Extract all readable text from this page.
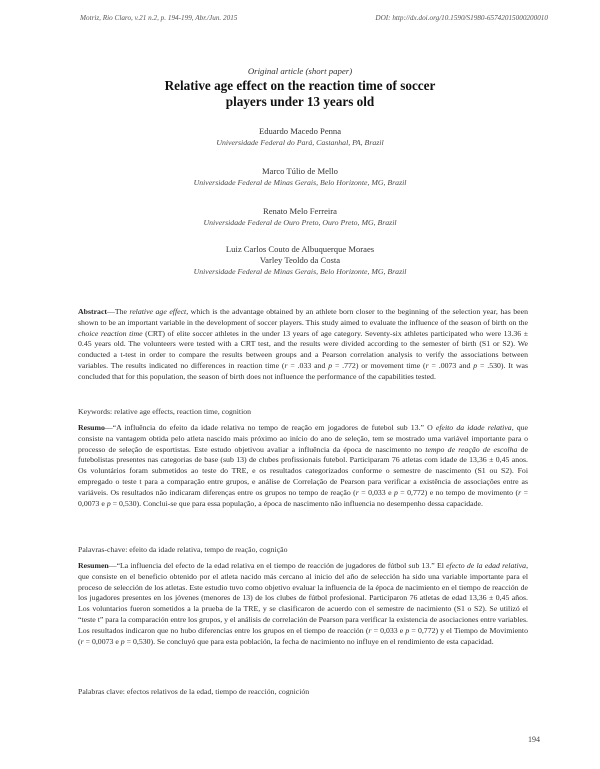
Motriz, Rio Claro, v.21 n.2, p. 194-199, Abr./Jun. 2015	DOI: http://dx.doi.org/10.1590/S1980-65742015000200010
Original article (short paper)
Relative age effect on the reaction time of soccer
players under 13 years old
Eduardo Macedo Penna
Universidade Federal do Pará, Castanhal, PA, Brazil
Marco Túlio de Mello
Universidade Federal de Minas Gerais, Belo Horizonte, MG, Brazil
Renato Melo Ferreira
Universidade Federal de Ouro Preto, Ouro Preto, MG, Brazil
Luiz Carlos Couto de Albuquerque Moraes
Varley Teoldo da Costa
Universidade Federal de Minas Gerais, Belo Horizonte, MG, Brazil
Abstract—The relative age effect, which is the advantage obtained by an athlete born closer to the beginning of the selection year, has been shown to be an important variable in the development of soccer players. This study aimed to evaluate the influence of the season of birth on the choice reaction time (CRT) of elite soccer athletes in the under 13 years of age category. Seventy-six athletes participated who were 13.36 ± 0.45 years old. The volunteers were tested with a CRT test, and the results were divided according to the semester of birth (S1 or S2). We conducted a t-test in order to compare the results between groups and a Pearson correlation analysis to verify the associations between variables. The results indicated no differences in reaction time (r = .033 and p = .772) or movement time (r = .0073 and p = .530). It was concluded that for this population, the season of birth does not influence the performance of the capabilities tested.
Keywords: relative age effects, reaction time, cognition
Resumo—“A influência do efeito da idade relativa no tempo de reação em jogadores de futebol sub 13.” O efeito da idade relativa, que consiste na vantagem obtida pelo atleta nascido mais próximo ao início do ano de seleção, tem se mostrado uma variável importante para o processo de seleção de esportistas. Este estudo objetivou avaliar a influência da época de nascimento no tempo de reação de escolha de futebolistas presentes nas categorias de base (sub 13) de clubes profissionais futebol. Participaram 76 atletas com idade de 13,36 ± 0,45 anos. Os voluntários foram submetidos ao teste do TRE, e os resultados categorizados conforme o semestre de nascimento (S1 ou S2). Foi empregado o teste t para a comparação entre grupos, e análise de Correlação de Pearson para verificar a existência de associações entre as variáveis. Os resultados não indicaram diferenças entre os grupos no tempo de reação (r = 0,033 e p = 0,772) e no tempo de movimento (r = 0,0073 e p = 0,530). Conclui-se que para essa população, a época de nascimento não influencia no desempenho dessa capacidade.
Palavras-chave: efeito da idade relativa, tempo de reação, cognição
Resumen—“La influencia del efecto de la edad relativa en el tiempo de reacción de jugadores de fútbol sub 13.” El efecto de la edad relativa, que consiste en el beneficio obtenido por el atleta nacido más cercano al inicio del año de selección ha sido una variable importante para el proceso de selección de los atletas. Este estudio tuvo como objetivo evaluar la influencia de la época de nacimiento en el tiempo de reacción de los jugadores presentes en los jóvenes (menores de 13) de los clubes de fútbol profesional. Participaron 76 atletas de edad 13,36 ± 0,45 años. Los voluntarios fueron sometidos a la prueba de la TRE, y se clasificaron de acuerdo con el semestre de nacimiento (S1 o S2). Se utilizó el “teste t” para la comparación entre los grupos, y el análisis de correlación de Pearson para verificar la existencia de asociaciones entre variables. Los resultados indicaron que no hubo diferencias entre los grupos en el tiempo de reacción (r = 0,033 e p = 0,772) y el Tiempo de Movimiento (r = 0,0073 e p = 0,530). Se concluyó que para esta población, la fecha de nacimiento no influye en el rendimiento de esta capacidad.
Palabras clave: efectos relativos de la edad, tiempo de reacción, cognición
194
